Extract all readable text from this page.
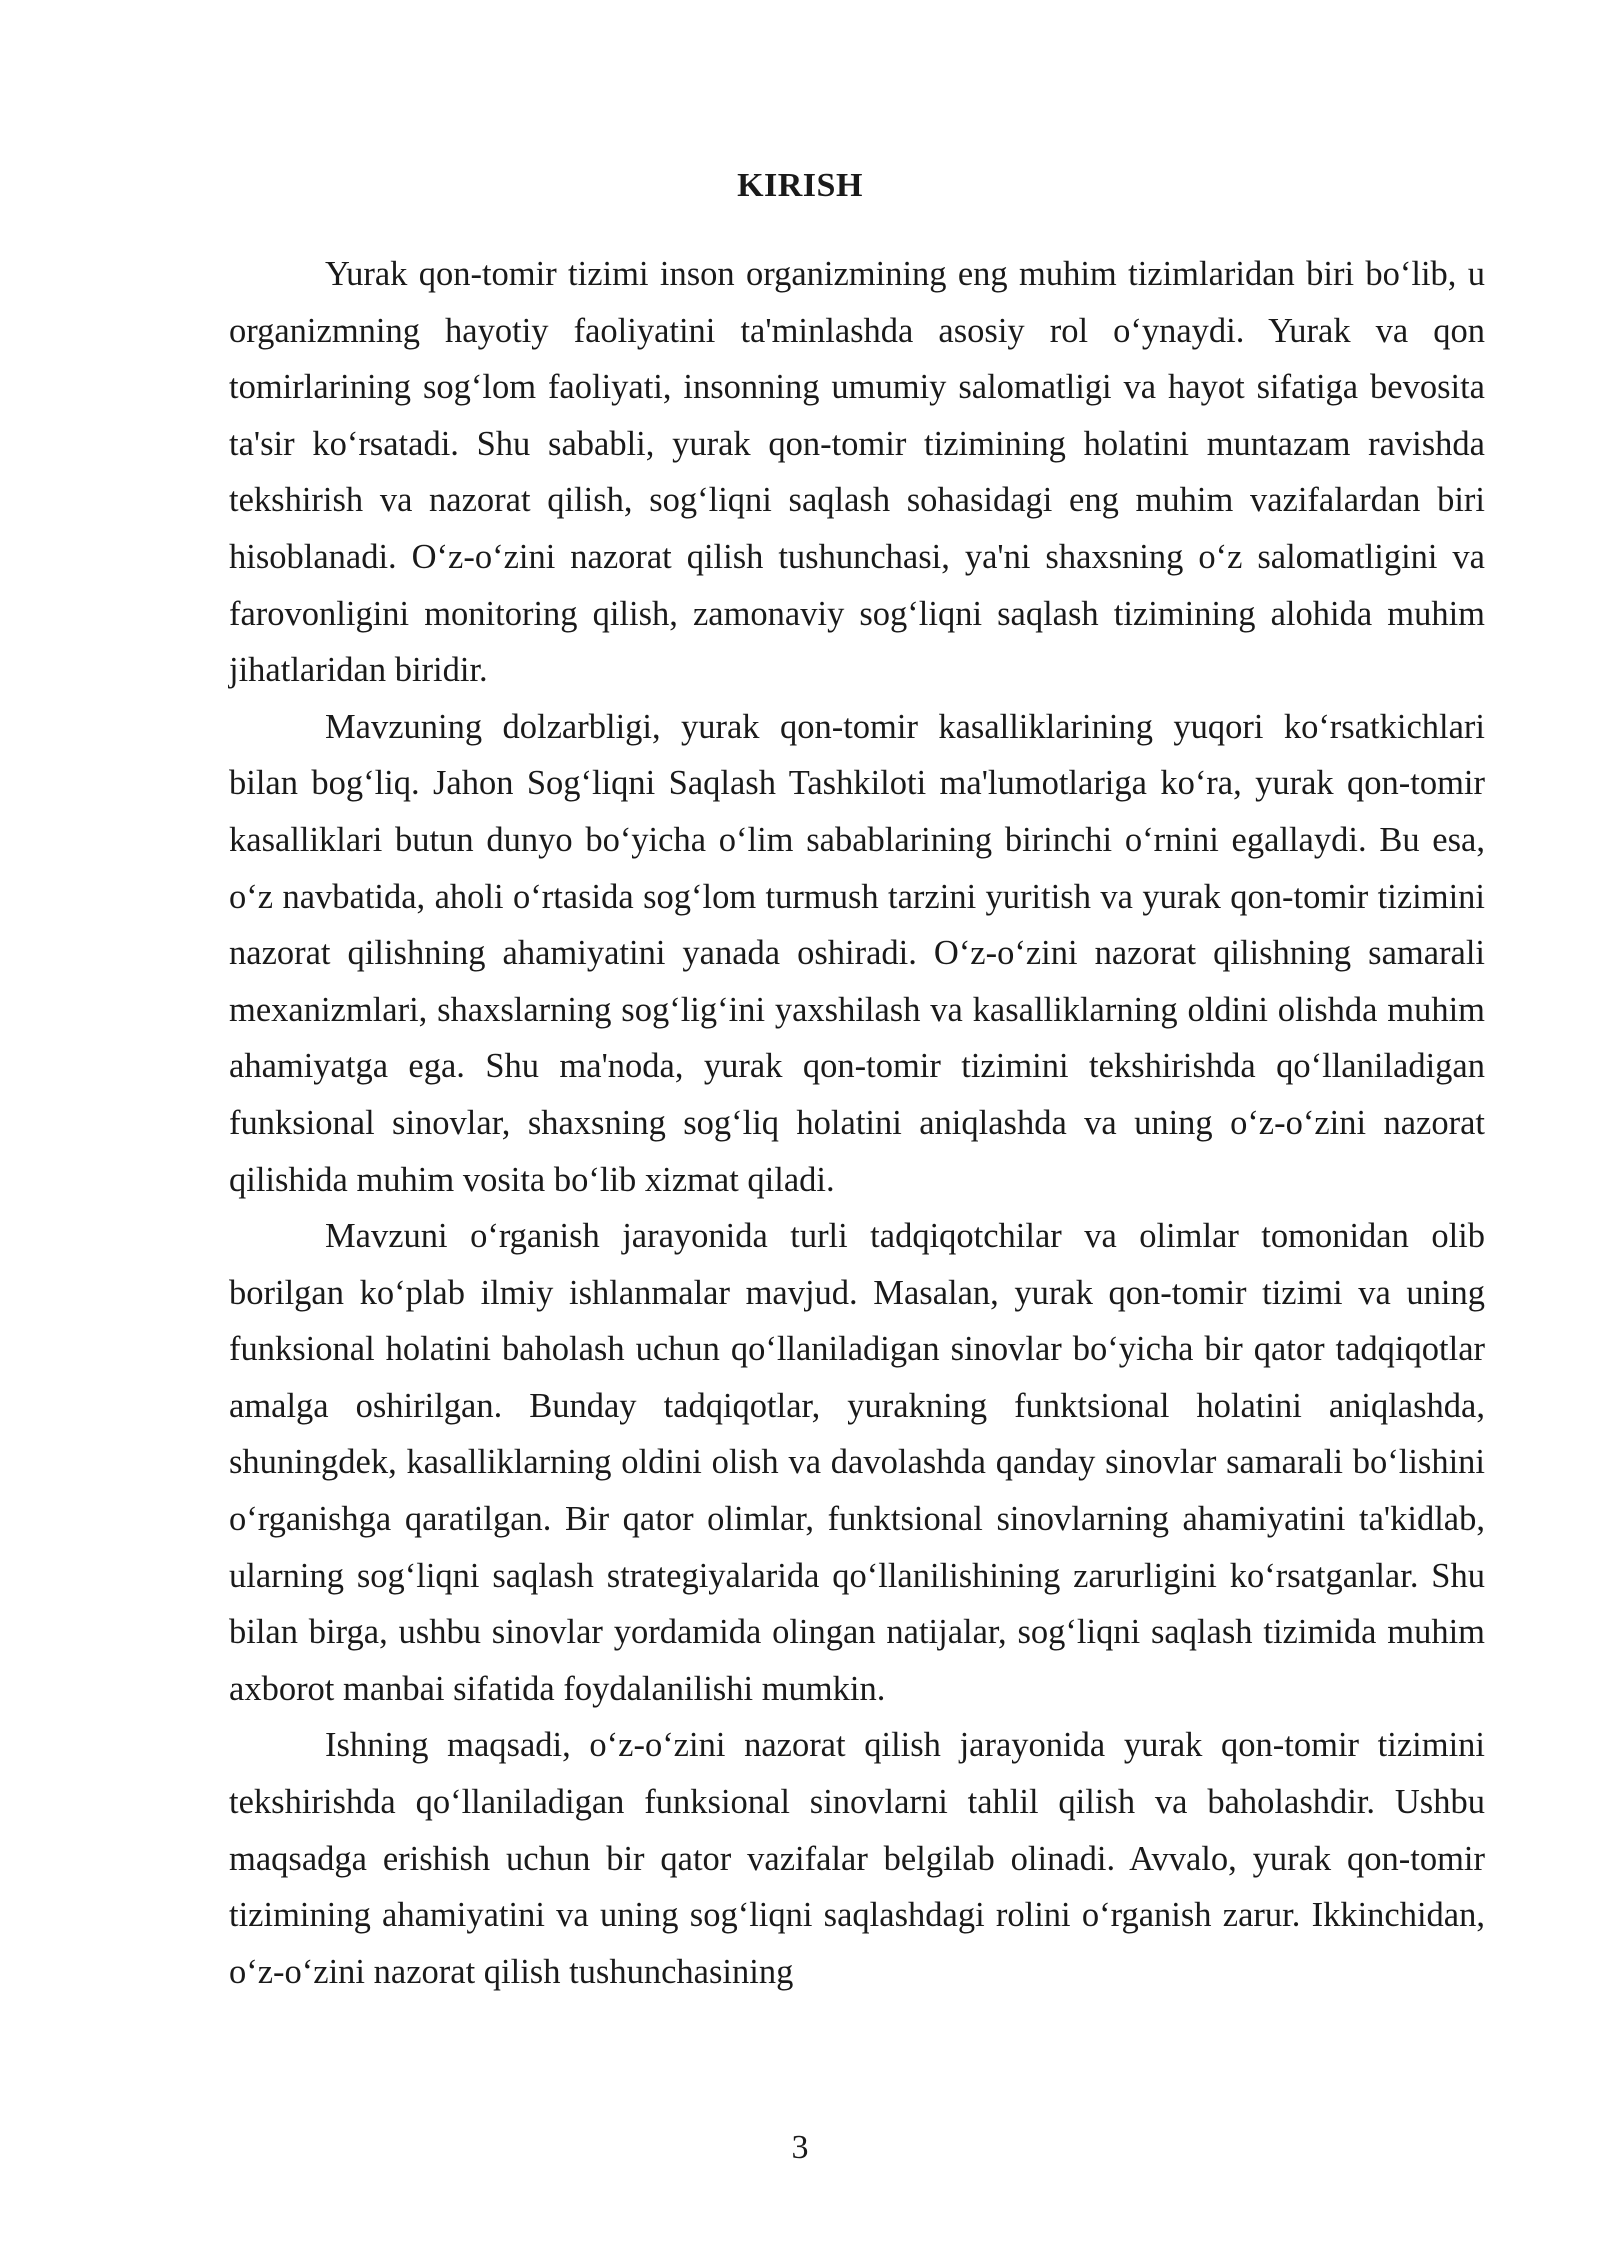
KIRISH

Yurak qon-tomir tizimi inson organizmining eng muhim tizimlaridan biri bo‘lib, u organizmning hayotiy faoliyatini ta'minlashda asosiy rol o‘ynaydi. Yurak va qon tomirlarining sog‘lom faoliyati, insonning umumiy salomatligi va hayot sifatiga bevosita ta'sir ko‘rsatadi. Shu sababli, yurak qon-tomir tizimining holatini muntazam ravishda tekshirish va nazorat qilish, sog‘liqni saqlash sohasidagi eng muhim vazifalardan biri hisoblanadi. O‘z-o‘zini nazorat qilish tushunchasi, ya'ni shaxsning o‘z salomatligini va farovonligini monitoring qilish, zamonaviy sog‘liqni saqlash tizimining alohida muhim jihatlaridan biridir.

Mavzuning dolzarbligi, yurak qon-tomir kasalliklarining yuqori ko‘rsatkichlari bilan bog‘liq. Jahon Sog‘liqni Saqlash Tashkiloti ma'lumotlariga ko‘ra, yurak qon-tomir kasalliklari butun dunyo bo‘yicha o‘lim sabablarining birinchi o‘rnini egallaydi. Bu esa, o‘z navbatida, aholi o‘rtasida sog‘lom turmush tarzini yuritish va yurak qon-tomir tizimini nazorat qilishning ahamiyatini yanada oshiradi. O‘z-o‘zini nazorat qilishning samarali mexanizmlari, shaxslarning sog‘lig‘ini yaxshilash va kasalliklarning oldini olishda muhim ahamiyatga ega. Shu ma'noda, yurak qon-tomir tizimini tekshirishda qo‘llaniladigan funksional sinovlar, shaxsning sog‘liq holatini aniqlashda va uning o‘z-o‘zini nazorat qilishida muhim vosita bo‘lib xizmat qiladi.

Mavzuni o‘rganish jarayonida turli tadqiqotchilar va olimlar tomonidan olib borilgan ko‘plab ilmiy ishlanmalar mavjud. Masalan, yurak qon-tomir tizimi va uning funksional holatini baholash uchun qo‘llaniladigan sinovlar bo‘yicha bir qator tadqiqotlar amalga oshirilgan. Bunday tadqiqotlar, yurakning funktsional holatini aniqlashda, shuningdek, kasalliklarning oldini olish va davolashda qanday sinovlar samarali bo‘lishini o‘rganishga qaratilgan. Bir qator olimlar, funktsional sinovlarning ahamiyatini ta'kidlab, ularning sog‘liqni saqlash strategiyalarida qo‘llanilishining zarurligini ko‘rsatganlar. Shu bilan birga, ushbu sinovlar yordamida olingan natijalar, sog‘liqni saqlash tizimida muhim axborot manbai sifatida foydalanilishi mumkin.

Ishning maqsadi, o‘z-o‘zini nazorat qilish jarayonida yurak qon-tomir tizimini tekshirishda qo‘llaniladigan funksional sinovlarni tahlil qilish va baholashdir. Ushbu maqsadga erishish uchun bir qator vazifalar belgilab olinadi. Avvalo, yurak qon-tomir tizimining ahamiyatini va uning sog‘liqni saqlashdagi rolini o‘rganish zarur. Ikkinchidan, o‘z-o‘zini nazorat qilish tushunchasining

3
